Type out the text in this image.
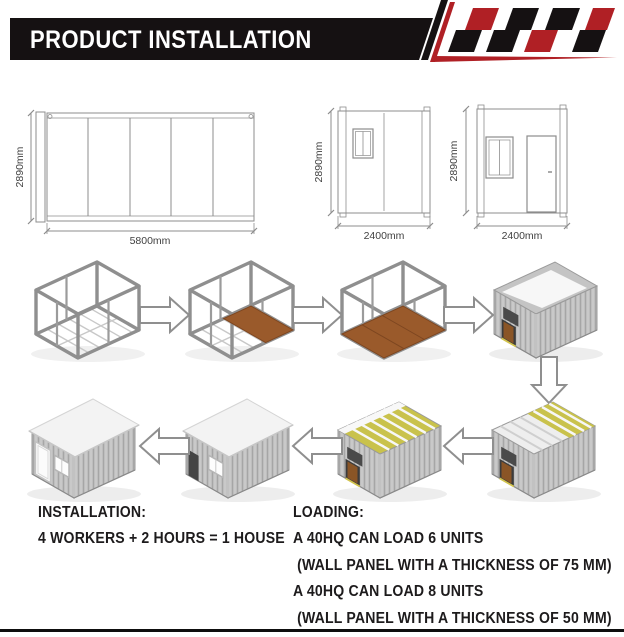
PRODUCT INSTALLATION
2890mm
5800mm
2890mm
2400mm
2890mm
2400mm
INSTALLATION:
4 WORKERS + 2 HOURS = 1 HOUSE
LOADING:
A 40HQ CAN LOAD 6 UNITS
(WALL PANEL WITH A THICKNESS OF 75 MM)
A 40HQ CAN LOAD 8 UNITS
(WALL PANEL WITH A THICKNESS OF 50 MM)
